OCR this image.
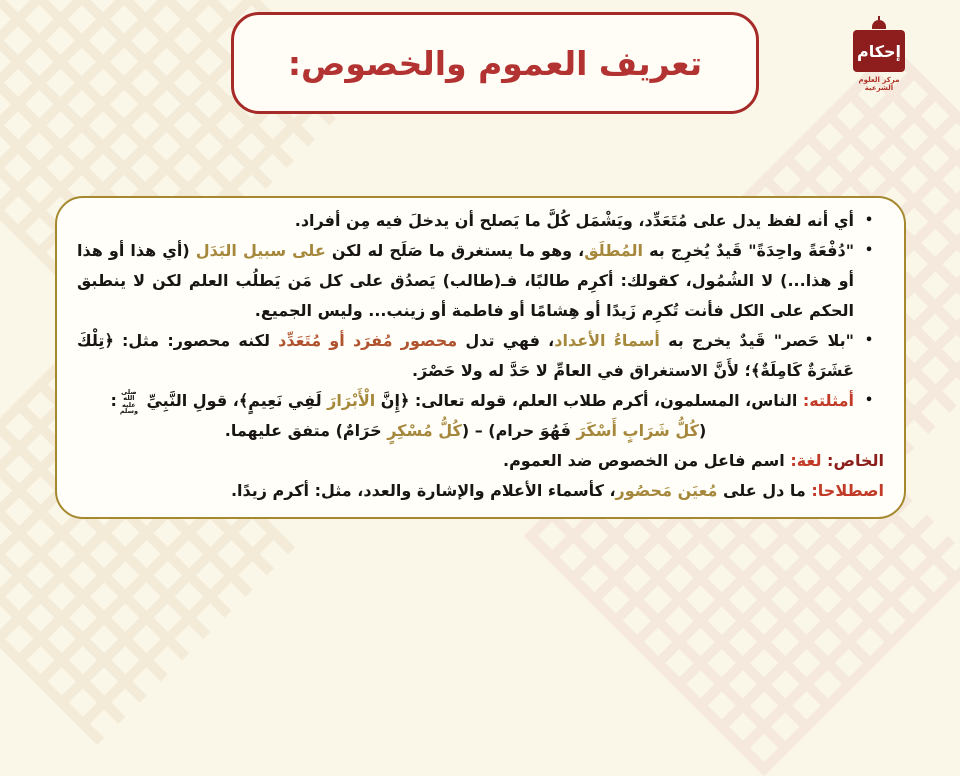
تعريف العموم والخصوص:	إحكام
مركز العلوم الشرعية
•
أي أنه لفظ يدل على مُتَعَدِّد، ويَشْمَل كُلَّ ما يَصلح أن يدخلَ فيه مِن أفراد.
•
"دُفْعَةً واحِدَةً" قَيدٌ يُخرِج به المُطلَق، وهو ما يستغرق ما صَلَح له لكن على سبيل البَدَل (أي هذا أو هذا أو هذا...) لا الشُمُول، كقولك: أكرِم طالبًا، فـ(طالب) يَصدُق على كل مَن يَطلُب العلم لكن لا ينطبق الحكم على الكل فأنت تُكرِم زَيدًا أو هِشامًا أو فاطمة أو زينب... وليس الجميع.
•
"بلا حَصر" قَيدٌ يخرج به أسماءُ الأعداد، فهي تدل محصور مُفرَد أو مُتَعَدِّد لكنه محصور: مثل: ﴿تِلْكَ عَشَرَةٌ كَامِلَةٌ﴾؛ لأَنَّ الاستغراق في العامِّ لا حَدَّ له ولا حَصْرَ.
•
أمثلته: الناس، المسلمون، أكرم طلاب العلم، قوله تعالى: ﴿إِنَّ الْأَبْرَارَ لَفِي نَعِيمٍ﴾، قولِ النَّبِيِّ صلى الله عليه وسلم:
(كُلُّ شَرَابٍ أَسْكَرَ فَهُوَ حرام) – (كُلُّ مُسْكِرٍ حَرَامٌ) متفق عليهما.
الخاص: لغة: اسم فاعل من الخصوص ضد العموم.
اصطلاحا: ما دل على مُعيَن مَحصُور، كأسماء الأعلام والإشارة والعدد، مثل: أكرم زيدًا.
